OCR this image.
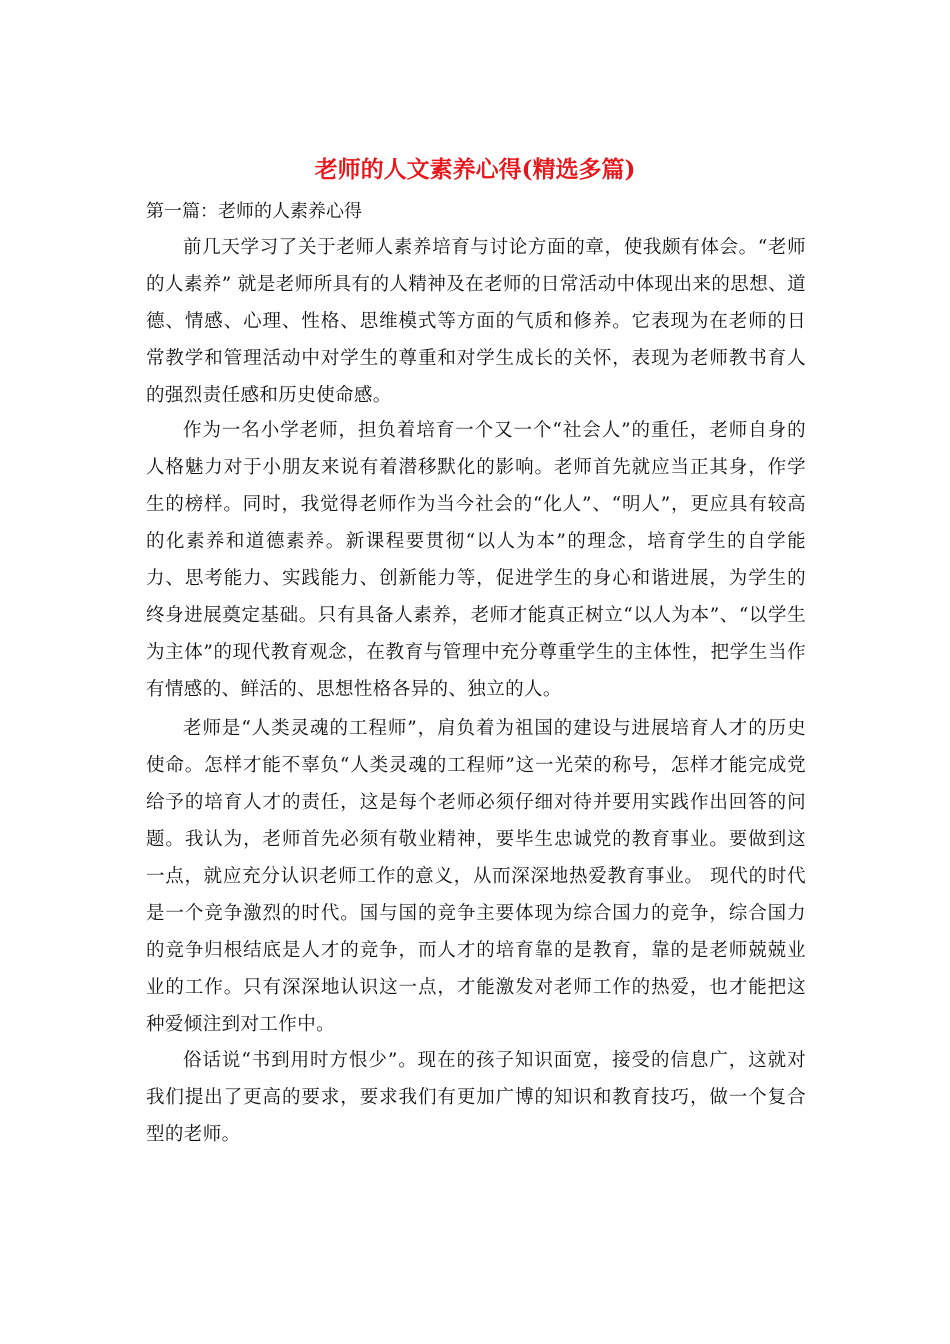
老师的人文素养心得(精选多篇)
第一篇：老师的人素养心得

前几天学习了关于老师人素养培育与讨论方面的章，使我颇有体会。“老师的人素养” 就是老师所具有的人精神及在老师的日常活动中体现出来的思想、道德、情感、心理、性格、思维模式等方面的气质和修养。它表现为在老师的日常教学和管理活动中对学生的尊重和对学生成长的关怀，表现为老师教书育人的强烈责任感和历史使命感。

作为一名小学老师，担负着培育一个又一个“社会人”的重任，老师自身的人格魅力对于小朋友来说有着潜移默化的影响。老师首先就应当正其身，作学生的榜样。同时，我觉得老师作为当今社会的“化人”、“明人”，更应具有较高的化素养和道德素养。新课程要贯彻“以人为本”的理念，培育学生的自学能力、思考能力、实践能力、创新能力等，促进学生的身心和谐进展，为学生的终身进展奠定基础。只有具备人素养，老师才能真正树立“以人为本”、“以学生为主体”的现代教育观念，在教育与管理中充分尊重学生的主体性，把学生当作有情感的、鲜活的、思想性格各异的、独立的人。

老师是“人类灵魂的工程师”，肩负着为祖国的建设与进展培育人才的历史使命。怎样才能不辜负“人类灵魂的工程师”这一光荣的称号，怎样才能完成党给予的培育人才的责任，这是每个老师必须仔细对待并要用实践作出回答的问题。我认为，老师首先必须有敬业精神，要毕生忠诚党的教育事业。要做到这一点，就应充分认识老师工作的意义，从而深深地热爱教育事业。 现代的时代是一个竞争激烈的时代。国与国的竞争主要体现为综合国力的竞争，综合国力的竞争归根结底是人才的竞争，而人才的培育靠的是教育，靠的是老师兢兢业业的工作。只有深深地认识这一点，才能激发对老师工作的热爱，也才能把这种爱倾注到对工作中。

俗话说“书到用时方恨少”。现在的孩子知识面宽，接受的信息广，这就对我们提出了更高的要求，要求我们有更加广博的知识和教育技巧，做一个复合型的老师。
